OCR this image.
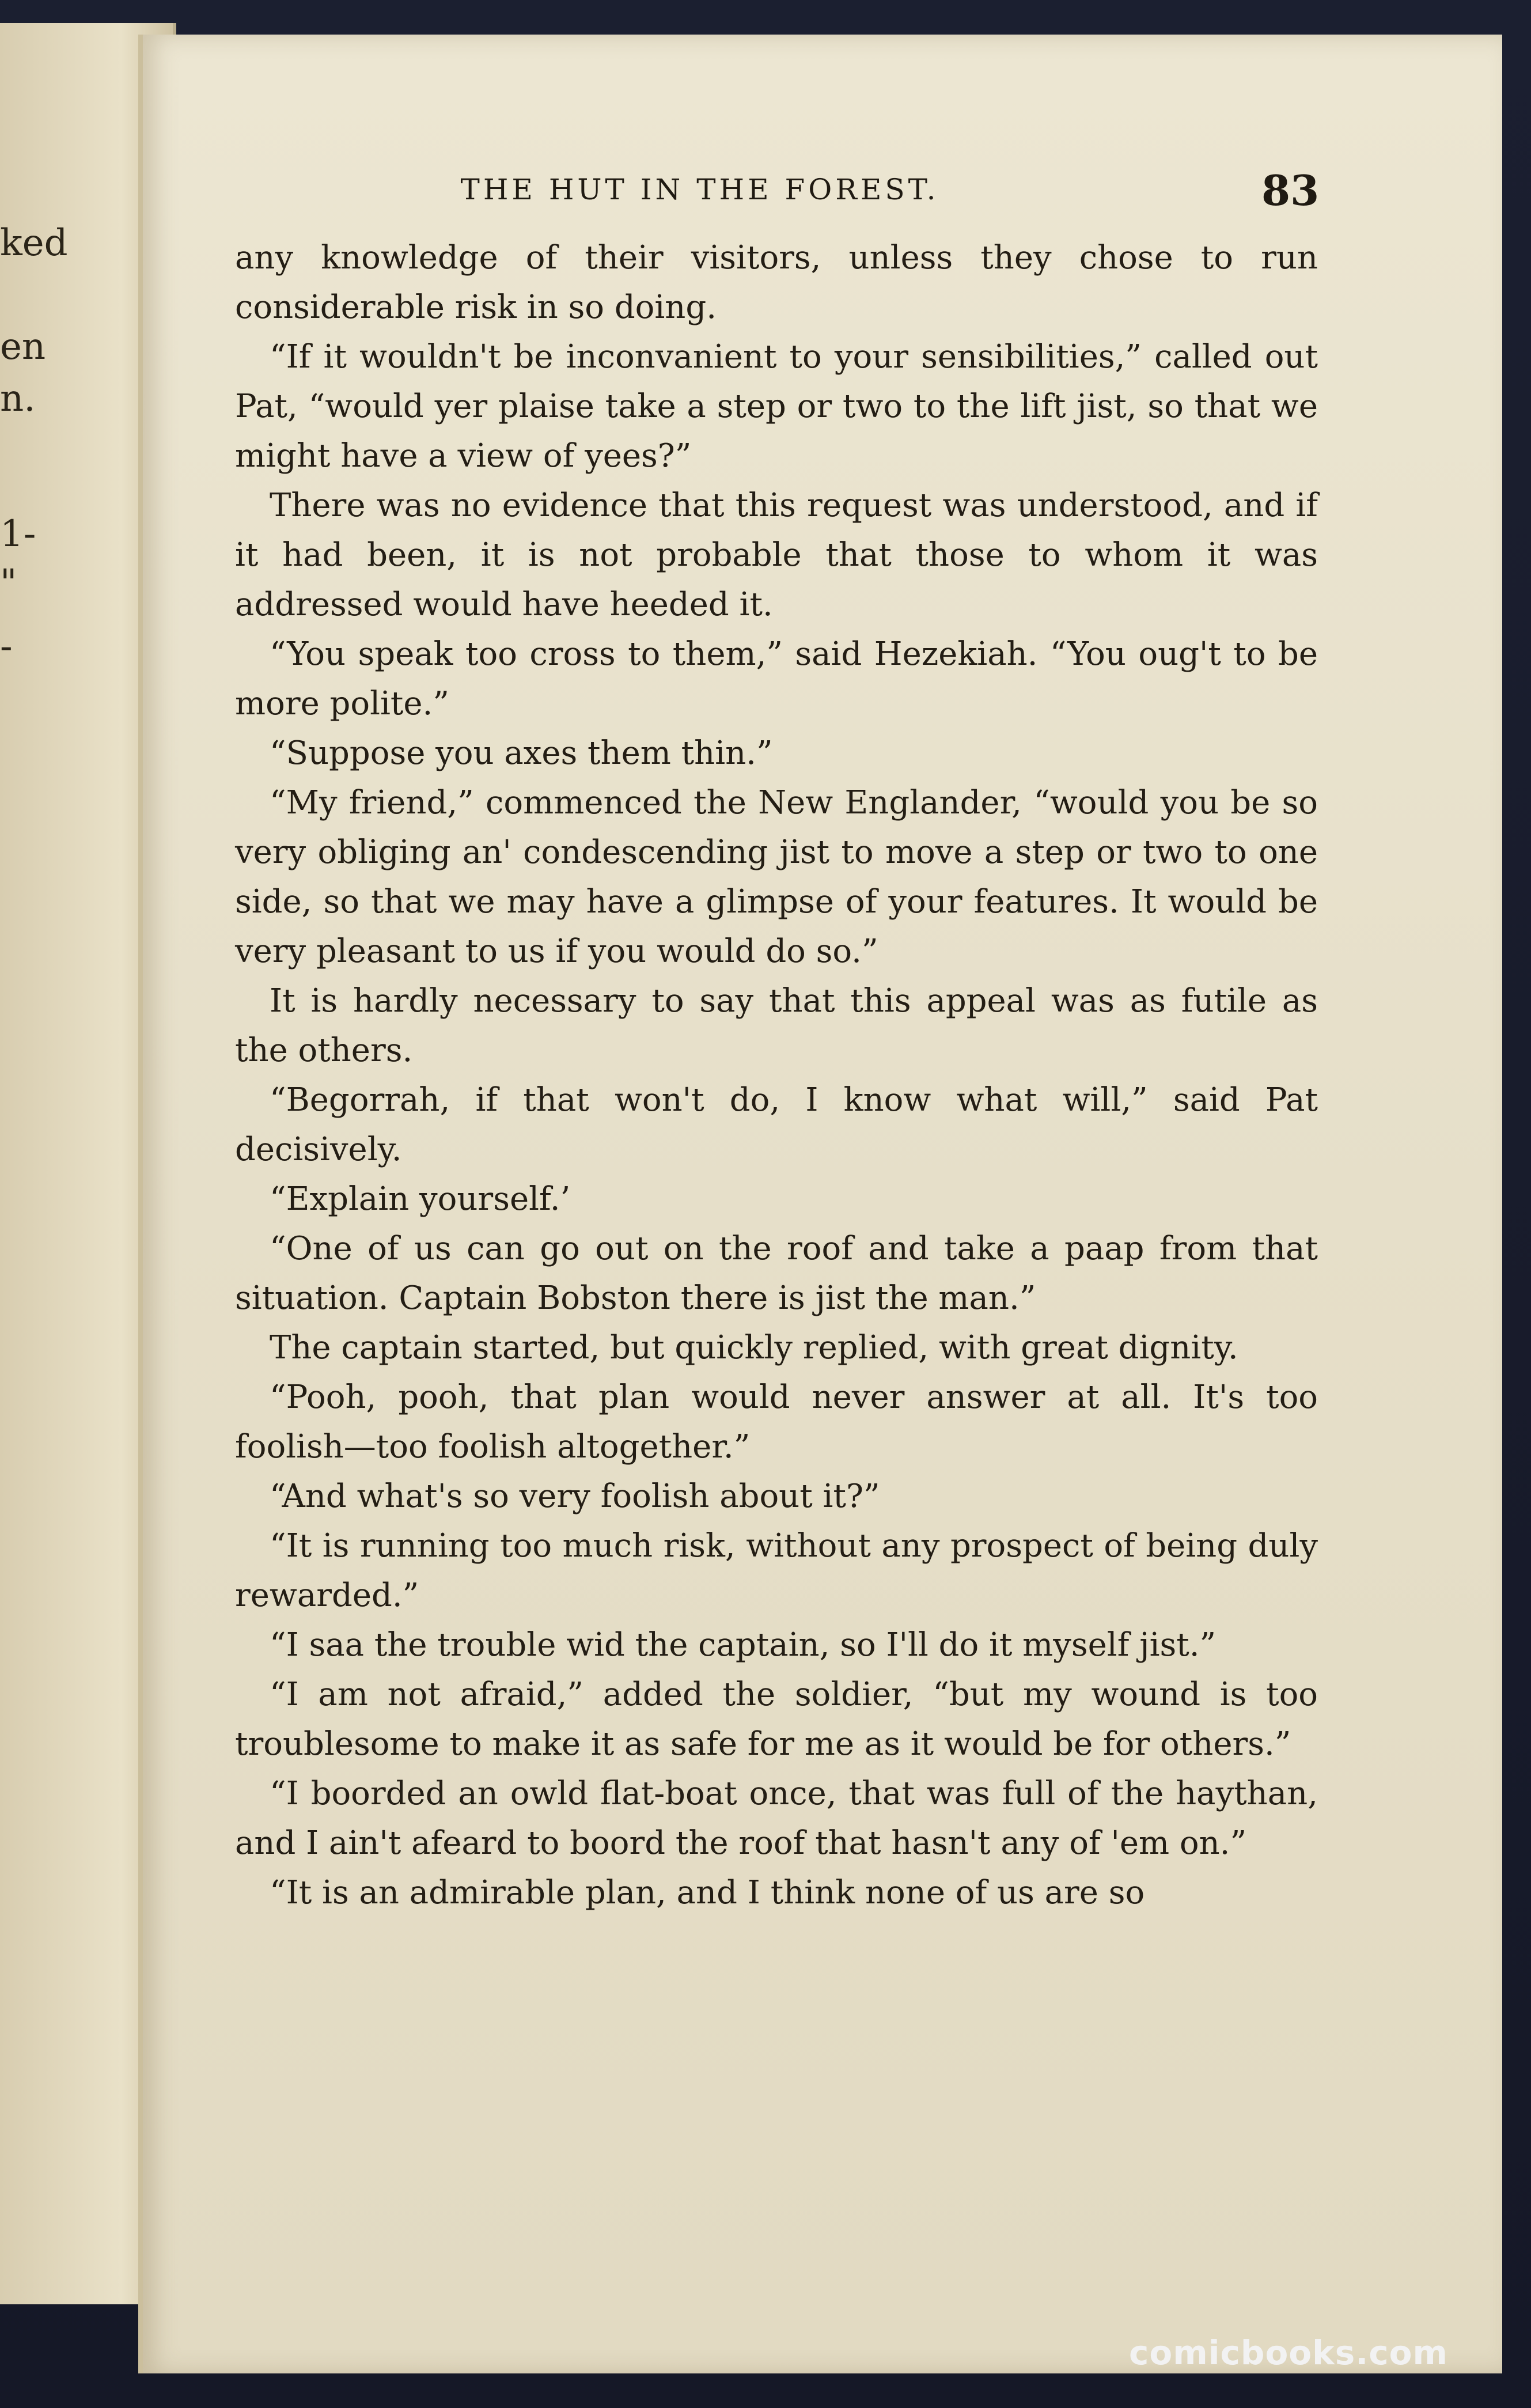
ked
en
n.
1-
"
-
THE HUT IN THE FOREST.	83

any knowledge of their visitors, unless they chose to run considerable risk in so doing.

“If it wouldn't be inconvanient to your sensibilities,” called out Pat, “would yer plaise take a step or two to the lift jist, so that we might have a view of yees?”

There was no evidence that this request was understood, and if it had been, it is not probable that those to whom it was addressed would have heeded it.

“You speak too cross to them,” said Hezekiah. “You oug't to be more polite.”

“Suppose you axes them thin.”

“My friend,” commenced the New Englander, “would you be so very obliging an' condescending jist to move a step or two to one side, so that we may have a glimpse of your features. It would be very pleasant to us if you would do so.”

It is hardly necessary to say that this appeal was as futile as the others.

“Begorrah, if that won't do, I know what will,” said Pat decisively.

“Explain yourself.’

“One of us can go out on the roof and take a paap from that situation. Captain Bobston there is jist the man.”

The captain started, but quickly replied, with great dignity.

“Pooh, pooh, that plan would never answer at all. It's too foolish—too foolish altogether.”

“And what's so very foolish about it?”

“It is running too much risk, without any prospect of being duly rewarded.”

“I saa the trouble wid the captain, so I'll do it myself jist.”

“I am not afraid,” added the soldier, “but my wound is too troublesome to make it as safe for me as it would be for others.”

“I boorded an owld flat-boat once, that was full of the haythan, and I ain't afeard to boord the roof that hasn't any of 'em on.”

“It is an admirable plan, and I think none of us are so

comicbooks.com
